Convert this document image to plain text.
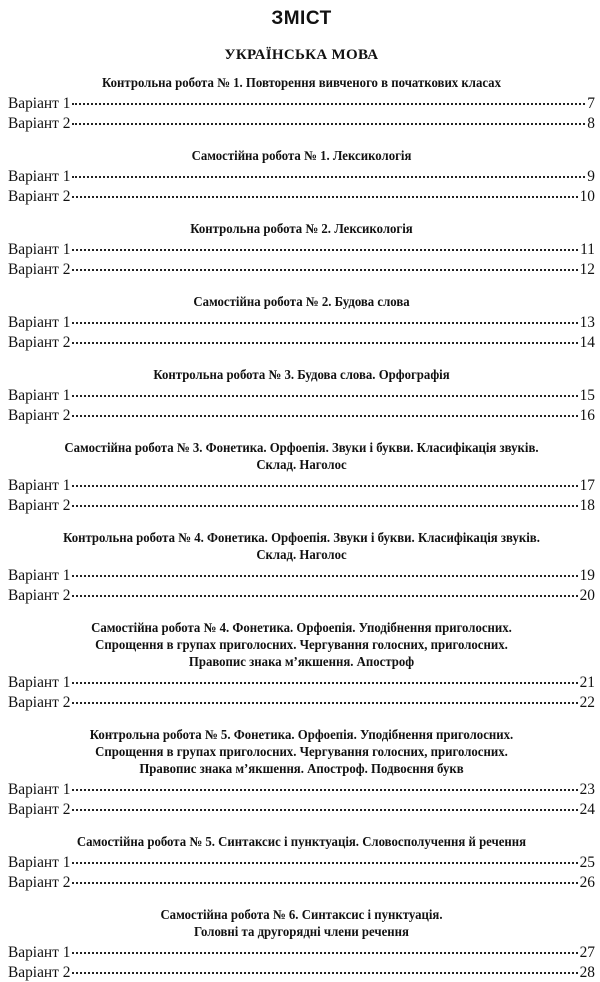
ЗМІСТ
УКРАЇНСЬКА МОВА
Контрольна робота № 1. Повторення вивченого в початкових класах
Варіант 1	7
Варіант 2	8
Самостійна робота № 1. Лексикологія
Варіант 1	9
Варіант 2	10
Контрольна робота № 2. Лексикологія
Варіант 1	11
Варіант 2	12
Самостійна робота № 2. Будова слова
Варіант 1	13
Варіант 2	14
Контрольна робота № 3. Будова слова. Орфографія
Варіант 1	15
Варіант 2	16
Самостійна робота № 3. Фонетика. Орфоепія. Звуки і букви. Класифікація звуків.
Склад. Наголос
Варіант 1	17
Варіант 2	18
Контрольна робота № 4. Фонетика. Орфоепія. Звуки і букви. Класифікація звуків.
Склад. Наголос
Варіант 1	19
Варіант 2	20
Самостійна робота № 4. Фонетика. Орфоепія. Уподібнення приголосних.
Спрощення в групах приголосних. Чергування голосних, приголосних.
Правопис знака м’якшення. Апостроф
Варіант 1	21
Варіант 2	22
Контрольна робота № 5. Фонетика. Орфоепія. Уподібнення приголосних.
Спрощення в групах приголосних. Чергування голосних, приголосних.
Правопис знака м’якшення. Апостроф. Подвоєння букв
Варіант 1	23
Варіант 2	24
Самостійна робота № 5. Синтаксис і пунктуація. Словосполучення й речення
Варіант 1	25
Варіант 2	26
Самостійна робота № 6. Синтаксис і пунктуація.
Головні та другорядні члени речення
Варіант 1	27
Варіант 2	28
